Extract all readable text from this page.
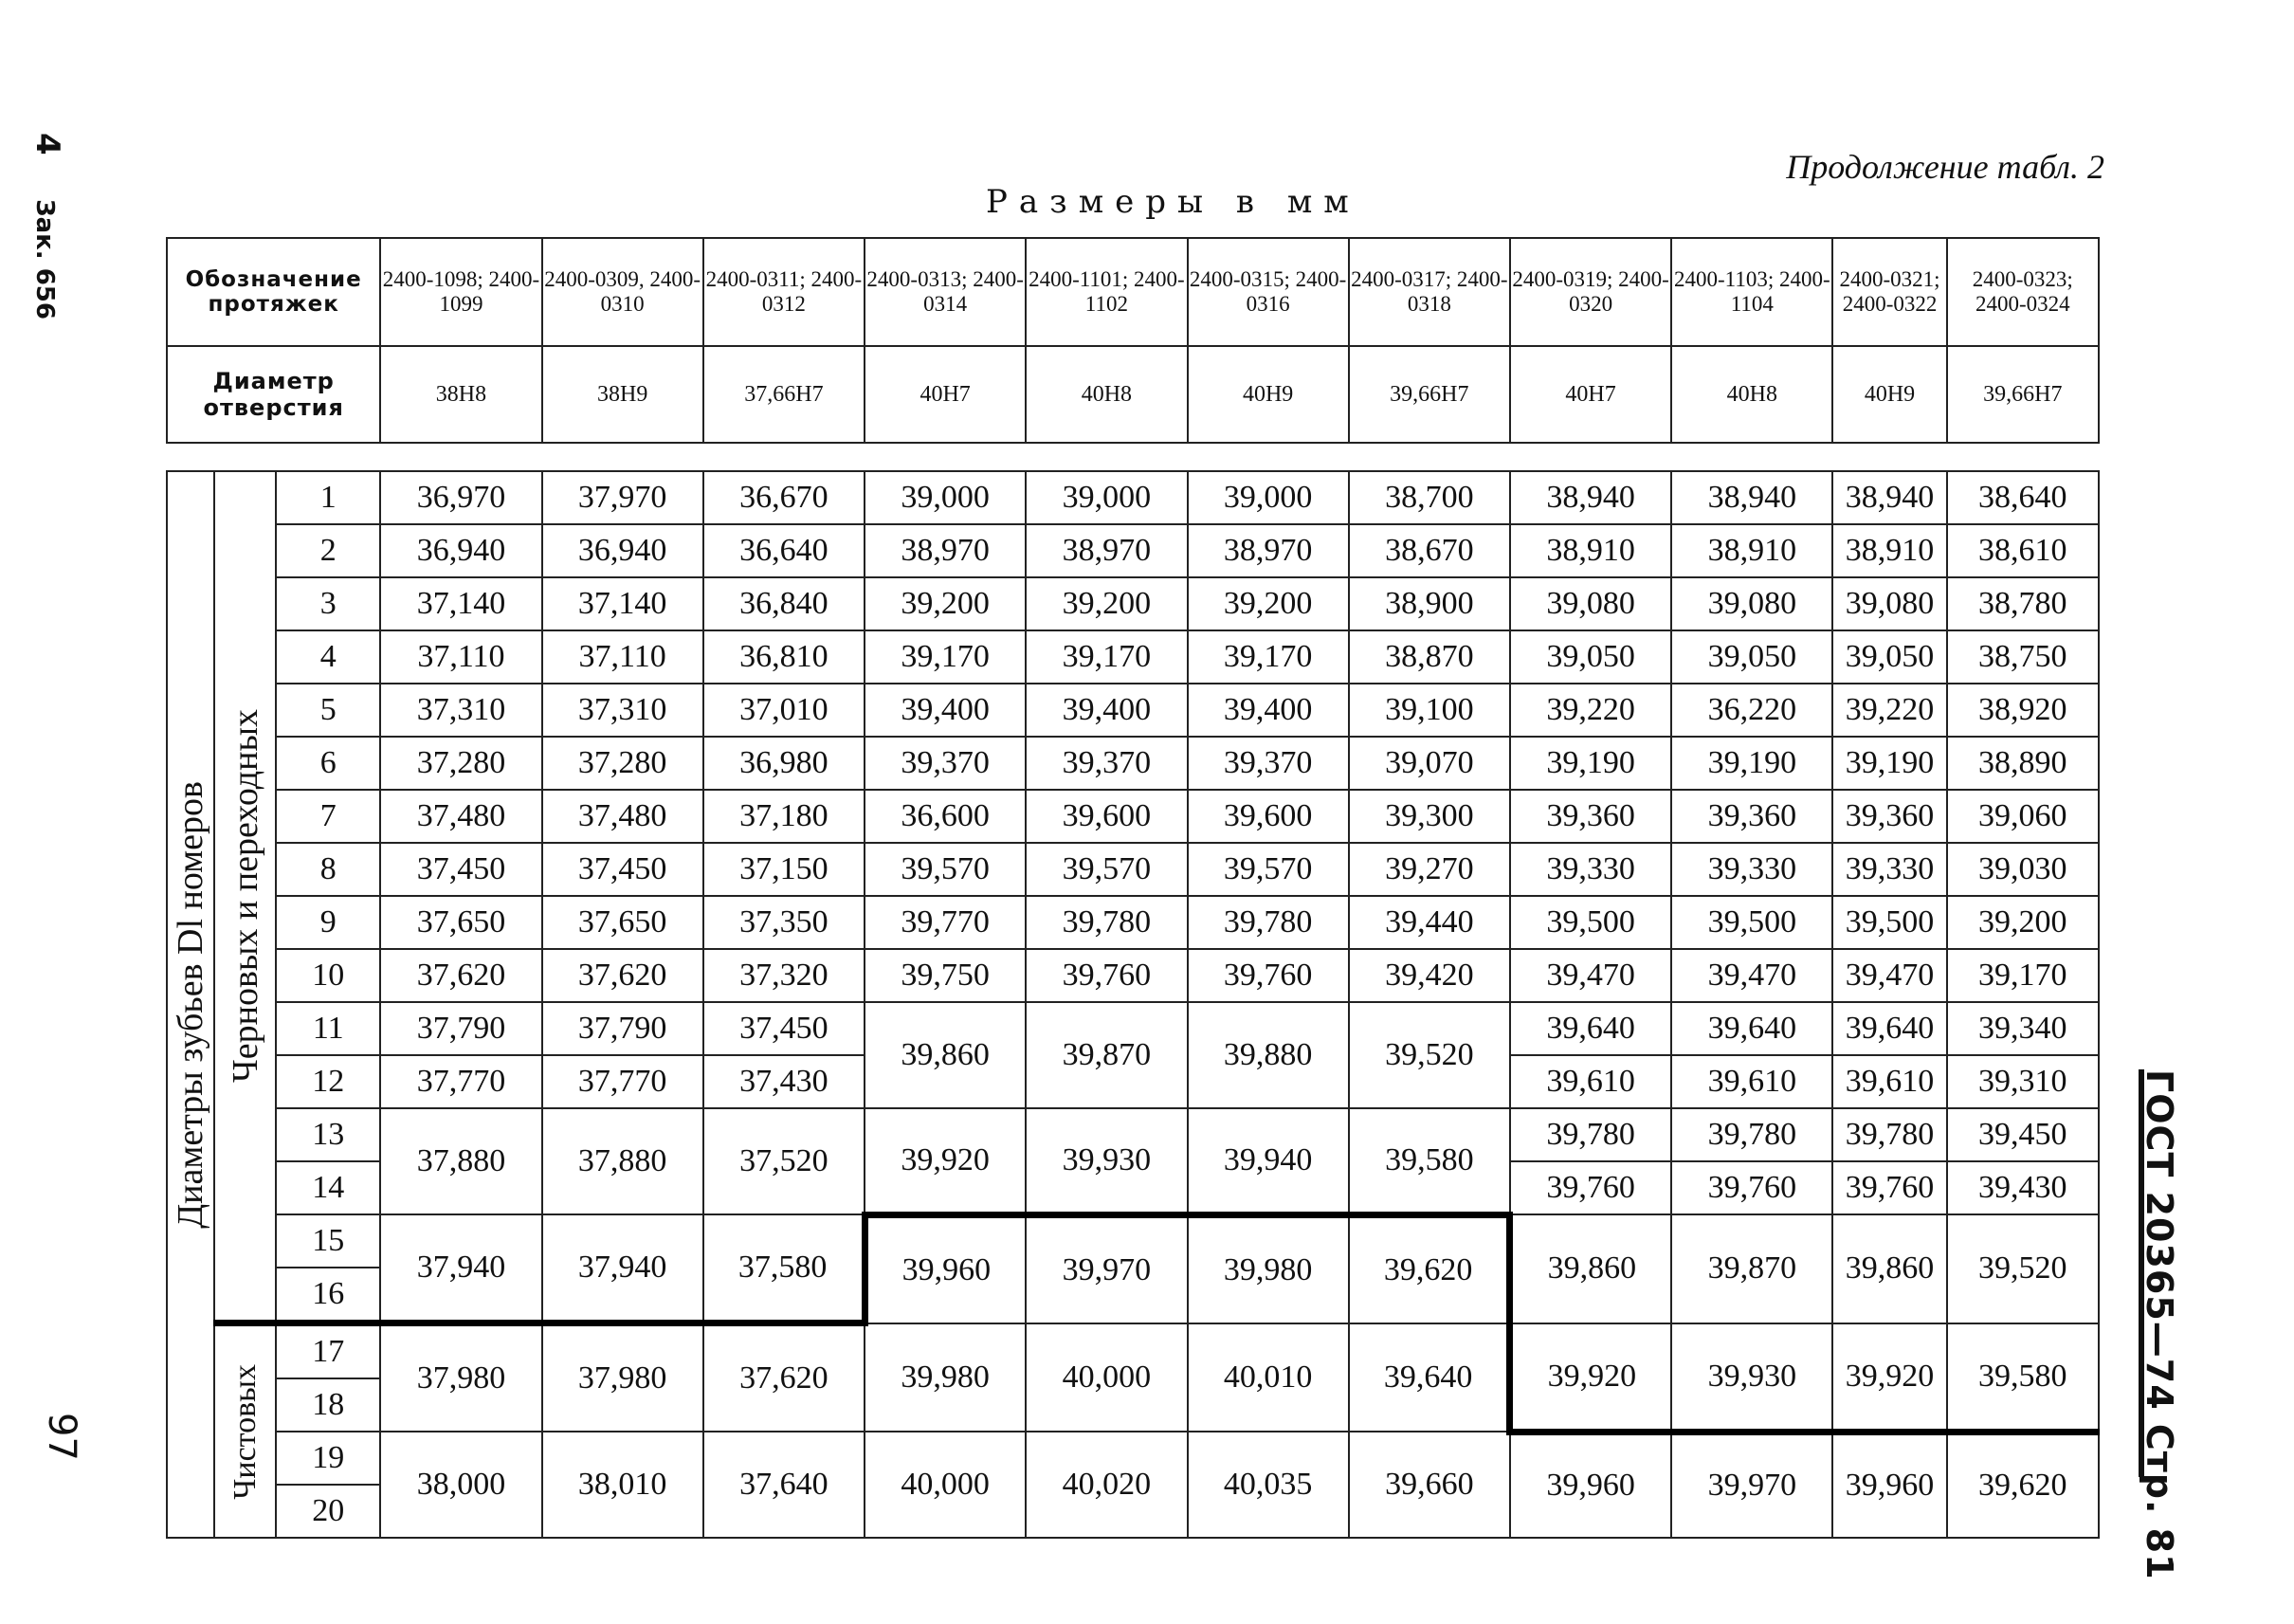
4 Зак. 656
97	ГОСТ 20365—74 Стр. 81
Продолжение табл. 2
Размеры в мм
Обозначение протяжек			2400-1098; 2400-1099	2400-0309, 2400-0310	2400-0311; 2400-0312	2400-0313; 2400-0314	2400-1101; 2400-1102	2400-0315; 2400-0316	2400-0317; 2400-0318	2400-0319; 2400-0320	2400-1103; 2400-1104	2400-0321; 2400-0322	2400-0323; 2400-0324
Диаметр отверстия			38H8	38H9	37,66H7	40H7	40H8	40H9	39,66H7	40H7	40H8	40H9	39,66H7

Диаметры зубьев Dl номеров	Черновых и переходных	1	36,970	37,970	36,670	39,000	39,000	39,000	38,700	38,940	38,940	38,940	38,640
		2	36,940	36,940	36,640	38,970	38,970	38,970	38,670	38,910	38,910	38,910	38,610
		3	37,140	37,140	36,840	39,200	39,200	39,200	38,900	39,080	39,080	39,080	38,780
		4	37,110	37,110	36,810	39,170	39,170	39,170	38,870	39,050	39,050	39,050	38,750
		5	37,310	37,310	37,010	39,400	39,400	39,400	39,100	39,220	36,220	39,220	38,920
		6	37,280	37,280	36,980	39,370	39,370	39,370	39,070	39,190	39,190	39,190	38,890
		7	37,480	37,480	37,180	36,600	39,600	39,600	39,300	39,360	39,360	39,360	39,060
		8	37,450	37,450	37,150	39,570	39,570	39,570	39,270	39,330	39,330	39,330	39,030
		9	37,650	37,650	37,350	39,770	39,780	39,780	39,440	39,500	39,500	39,500	39,200
		10	37,620	37,620	37,320	39,750	39,760	39,760	39,420	39,470	39,470	39,470	39,170
		11	37,790	37,790	37,450	39,860	39,870	39,880	39,520	39,640	39,640	39,640	39,340
		12	37,770	37,770	37,430					39,610	39,610	39,610	39,310
		13	37,880	37,880	37,520	39,920	39,930	39,940	39,580	39,780	39,780	39,780	39,450
		14								39,760	39,760	39,760	39,430
		15	37,940	37,940	37,580	39,960	39,970	39,980	39,620	39,860	39,870	39,860	39,520
		16											

	Чистовых	17	37,980	37,980	37,620	39,980	40,000	40,010	39,640	39,920	39,930	39,920	39,580
		18											
		19	38,000	38,010	37,640	40,000	40,020	40,035	39,660	39,960	39,970	39,960	39,620
		20											
